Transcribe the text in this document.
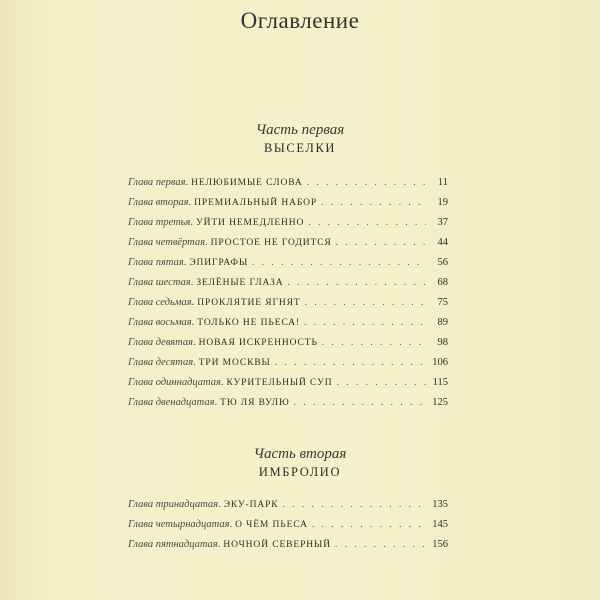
Оглавление
Часть первая
ВЫСЕЛКИ
Глава первая . НЕЛЮБИМЫЕ СЛОВА . . .	11
Глава вторая . ПРЕМИАЛЬНЫЙ НАБОР . . .	19
Глава третья . УЙТИ НЕМЕДЛЕННО . . .	37
Глава четвёртая . ПРОСТОЕ НЕ ГОДИТСЯ . . .	44
Глава пятая . ЭПИГРАФЫ . . .	56
Глава шестая . ЗЕЛЁНЫЕ ГЛАЗА . . .	68
Глава седьмая . ПРОКЛЯТИЕ ЯГНЯТ . . .	75
Глава восьмая . ТОЛЬКО НЕ ПЬЕСА! . . .	89
Глава девятая . НОВАЯ ИСКРЕННОСТЬ . . .	98
Глава десятая . ТРИ МОСКВЫ . . .	106
Глава одиннадцатая . КУРИТЕЛЬНЫЙ СУП . . .	115
Глава двенадцатая . ТЮ ЛЯ ВУЛЮ . . .	125
Часть вторая
ИМБРОЛИО
Глава тринадцатая . ЭКУ-ПАРК . . .	135
Глава четырнадцатая . О ЧЁМ ПЬЕСА . . .	145
Глава пятнадцатая . НОЧНОЙ СЕВЕРНЫЙ . . .	156
